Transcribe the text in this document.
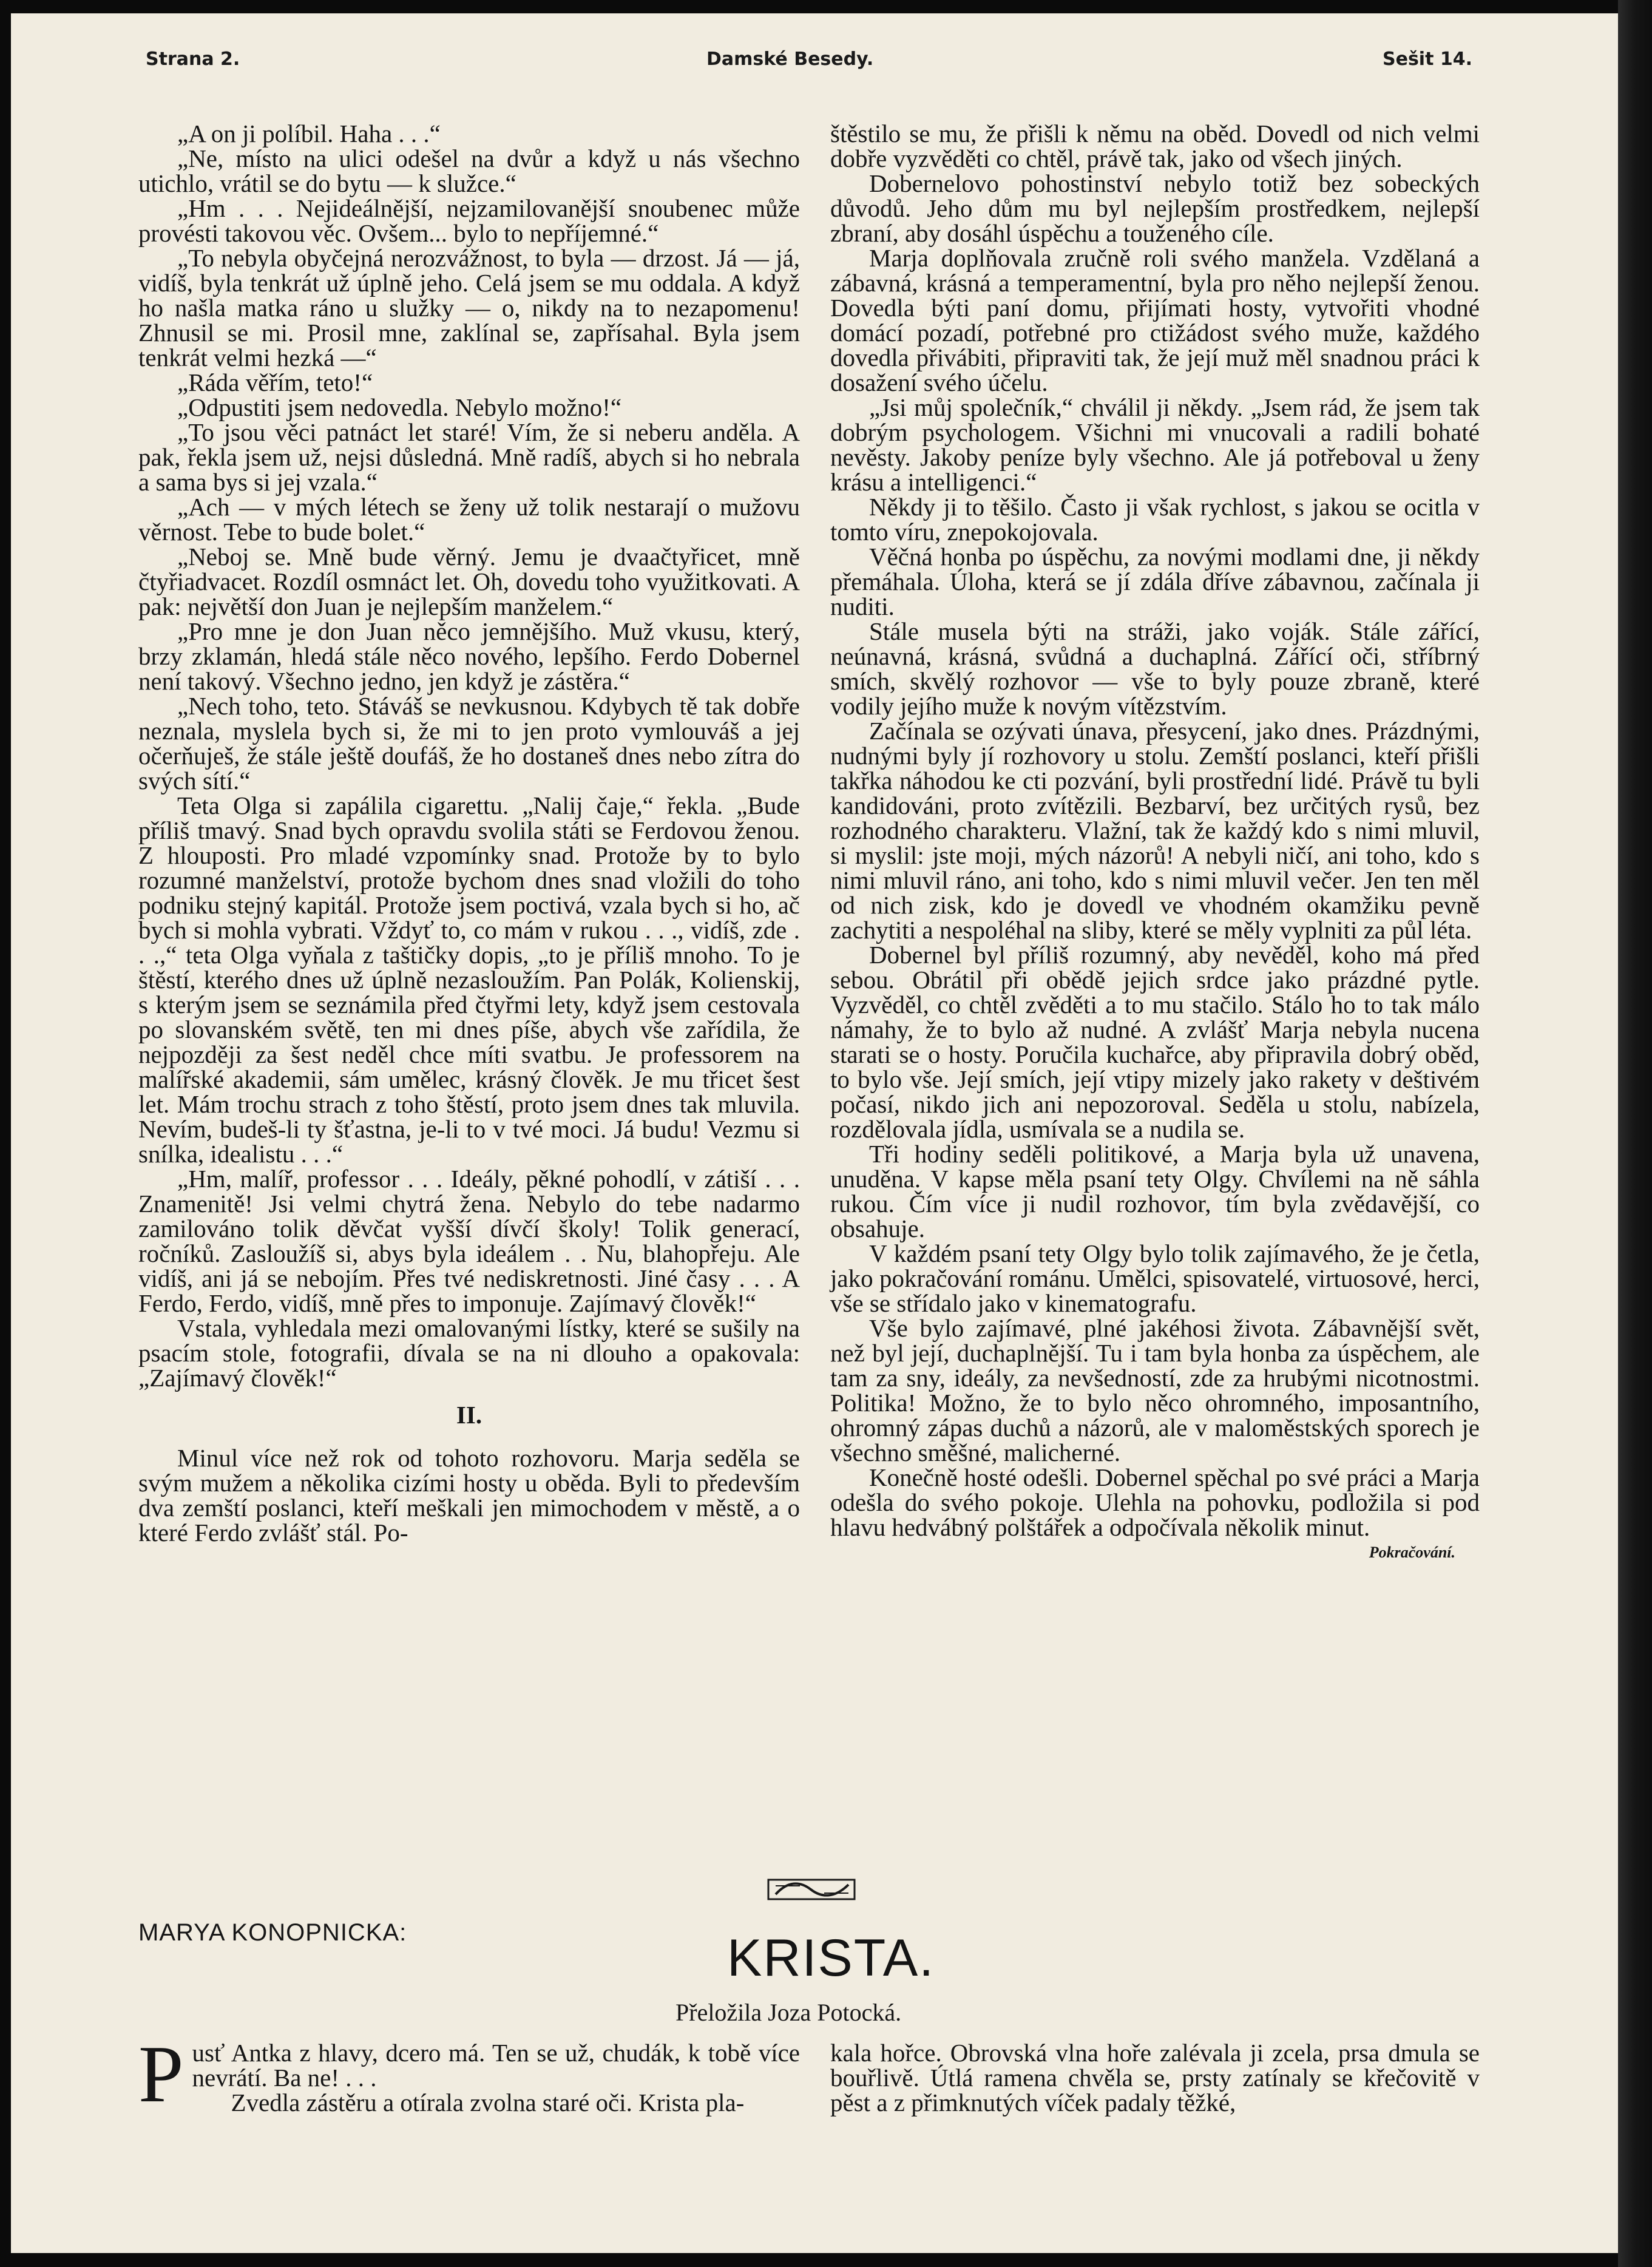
Strana 2.	Damské Besedy.	Sešit 14.

„A on ji políbil. Haha . . .“

„Ne, místo na ulici odešel na dvůr a když u nás všechno utichlo, vrátil se do bytu — k služce.“

„Hm . . . Nejideálnější, nejzamilovanější snoubenec může provésti takovou věc. Ovšem... bylo to nepříjemné.“

„To nebyla obyčejná nerozvážnost, to byla — drzost. Já — já, vidíš, byla tenkrát už úplně jeho. Celá jsem se mu oddala. A když ho našla matka ráno u služky — o, nikdy na to nezapomenu! Zhnusil se mi. Prosil mne, zaklínal se, zapřísahal. Byla jsem tenkrát velmi hezká —“

„Ráda věřím, teto!“

„Odpustiti jsem nedovedla. Nebylo možno!“

„To jsou věci patnáct let staré! Vím, že si neberu anděla. A pak, řekla jsem už, nejsi důsledná. Mně radíš, abych si ho nebrala a sama bys si jej vzala.“

„Ach — v mých létech se ženy už tolik nestarají o mužovu věrnost. Tebe to bude bolet.“

„Neboj se. Mně bude věrný. Jemu je dvaačtyřicet, mně čtyřiadvacet. Rozdíl osmnáct let. Oh, dovedu toho využitkovati. A pak: největší don Juan je nejlepším manželem.“

„Pro mne je don Juan něco jemnějšího. Muž vkusu, který, brzy zklamán, hledá stále něco nového, lepšího. Ferdo Dobernel není takový. Všechno jedno, jen když je zástěra.“

„Nech toho, teto. Stáváš se nevkusnou. Kdybych tě tak dobře neznala, myslela bych si, že mi to jen proto vymlouváš a jej očerňuješ, že stále ještě doufáš, že ho dostaneš dnes nebo zítra do svých sítí.“

Teta Olga si zapálila cigarettu. „Nalij čaje,“ řekla. „Bude příliš tmavý. Snad bych opravdu svolila státi se Ferdovou ženou. Z hlouposti. Pro mladé vzpomínky snad. Protože by to bylo rozumné manželství, protože bychom dnes snad vložili do toho podniku stejný kapitál. Protože jsem poctivá, vzala bych si ho, ač bych si mohla vybrati. Vždyť to, co mám v rukou . . ., vidíš, zde . . .,“ teta Olga vyňala z taštičky dopis, „to je příliš mnoho. To je štěstí, kterého dnes už úplně nezasloužím. Pan Polák, Kolienskij, s kterým jsem se seznámila před čtyřmi lety, když jsem cestovala po slovanském světě, ten mi dnes píše, abych vše zařídila, že nejpozději za šest neděl chce míti svatbu. Je professorem na malířské akademii, sám umělec, krásný člověk. Je mu třicet šest let. Mám trochu strach z toho štěstí, proto jsem dnes tak mluvila. Nevím, budeš-li ty šťastna, je-li to v tvé moci. Já budu! Vezmu si snílka, idealistu . . .“

„Hm, malíř, professor . . . Ideály, pěkné pohodlí, v zátiší . . . Znamenitě! Jsi velmi chytrá žena. Nebylo do tebe nadarmo zamilováno tolik děvčat vyšší dívčí školy! Tolik generací, ročníků. Zasloužíš si, abys byla ideálem . . Nu, blahopřeju. Ale vidíš, ani já se nebojím. Přes tvé nediskretnosti. Jiné časy . . . A Ferdo, Ferdo, vidíš, mně přes to imponuje. Zajímavý člověk!“

Vstala, vyhledala mezi omalovanými lístky, které se sušily na psacím stole, fotografii, dívala se na ni dlouho a opakovala: „Zajímavý člověk!“

II.

Minul více než rok od tohoto rozhovoru. Marja seděla se svým mužem a několika cizími hosty u oběda. Byli to především dva zemští poslanci, kteří meškali jen mimochodem v městě, a o které Ferdo zvlášť stál. Po-

štěstilo se mu, že přišli k němu na oběd. Dovedl od nich velmi dobře vyzvěděti co chtěl, právě tak, jako od všech jiných.

Dobernelovo pohostinství nebylo totiž bez sobeckých důvodů. Jeho dům mu byl nejlepším prostředkem, nejlepší zbraní, aby dosáhl úspěchu a touženého cíle.

Marja doplňovala zručně roli svého manžela. Vzdělaná a zábavná, krásná a temperamentní, byla pro něho nejlepší ženou. Dovedla býti paní domu, přijímati hosty, vytvořiti vhodné domácí pozadí, potřebné pro ctižádost svého muže, každého dovedla přivábiti, připraviti tak, že její muž měl snadnou práci k dosažení svého účelu.

„Jsi můj společník,“ chválil ji někdy. „Jsem rád, že jsem tak dobrým psychologem. Všichni mi vnucovali a radili bohaté nevěsty. Jakoby peníze byly všechno. Ale já potřeboval u ženy krásu a intelligenci.“

Někdy ji to těšilo. Často ji však rychlost, s jakou se ocitla v tomto víru, znepokojovala.

Věčná honba po úspěchu, za novými modlami dne, ji někdy přemáhala. Úloha, která se jí zdála dříve zábavnou, začínala ji nuditi.

Stále musela býti na stráži, jako voják. Stále zářící, neúnavná, krásná, svůdná a duchaplná. Zářící oči, stříbrný smích, skvělý rozhovor — vše to byly pouze zbraně, které vodily jejího muže k novým vítězstvím.

Začínala se ozývati únava, přesycení, jako dnes. Prázdnými, nudnými byly jí rozhovory u stolu. Zemští poslanci, kteří přišli takřka náhodou ke cti pozvání, byli prostřední lidé. Právě tu byli kandidováni, proto zvítězili. Bezbarví, bez určitých rysů, bez rozhodného charakteru. Vlažní, tak že každý kdo s nimi mluvil, si myslil: jste moji, mých názorů! A nebyli ničí, ani toho, kdo s nimi mluvil ráno, ani toho, kdo s nimi mluvil večer. Jen ten měl od nich zisk, kdo je dovedl ve vhodném okamžiku pevně zachytiti a nespoléhal na sliby, které se měly vyplniti za půl léta.

Dobernel byl příliš rozumný, aby nevěděl, koho má před sebou. Obrátil při obědě jejich srdce jako prázdné pytle. Vyzvěděl, co chtěl zvěděti a to mu stačilo. Stálo ho to tak málo námahy, že to bylo až nudné. A zvlášť Marja nebyla nucena starati se o hosty. Poručila kuchařce, aby připravila dobrý oběd, to bylo vše. Její smích, její vtipy mizely jako rakety v deštivém počasí, nikdo jich ani nepozoroval. Seděla u stolu, nabízela, rozdělovala jídla, usmívala se a nudila se.

Tři hodiny seděli politikové, a Marja byla už unavena, unuděna. V kapse měla psaní tety Olgy. Chvílemi na ně sáhla rukou. Čím více ji nudil rozhovor, tím byla zvědavější, co obsahuje.

V každém psaní tety Olgy bylo tolik zajímavého, že je četla, jako pokračování románu. Umělci, spisovatelé, virtuosové, herci, vše se střídalo jako v kinematografu.

Vše bylo zajímavé, plné jakéhosi života. Zábavnější svět, než byl její, duchaplnější. Tu i tam byla honba za úspěchem, ale tam za sny, ideály, za nevšedností, zde za hrubými nicotnostmi. Politika! Možno, že to bylo něco ohromného, imposantního, ohromný zápas duchů a názorů, ale v maloměstských sporech je všechno směšné, malicherné.

Konečně hosté odešli. Dobernel spěchal po své práci a Marja odešla do svého pokoje. Ulehla na pohovku, podložila si pod hlavu hedvábný polštářek a odpočívala několik minut.
Pokračování.

MARYA KONOPNICKA:	KRISTA.
Přeložila Joza Potocká.
P usť Antka z hlavy, dcero má. Ten se už, chudák, k tobě více nevrátí. Ba ne! . . .

Zvedla zástěru a otírala zvolna staré oči. Krista pla-

kala hořce. Obrovská vlna hoře zalévala ji zcela, prsa dmula se bouřlivě. Útlá ramena chvěla se, prsty zatínaly se křečovitě v pěst a z přimknutých víček padaly těžké,
